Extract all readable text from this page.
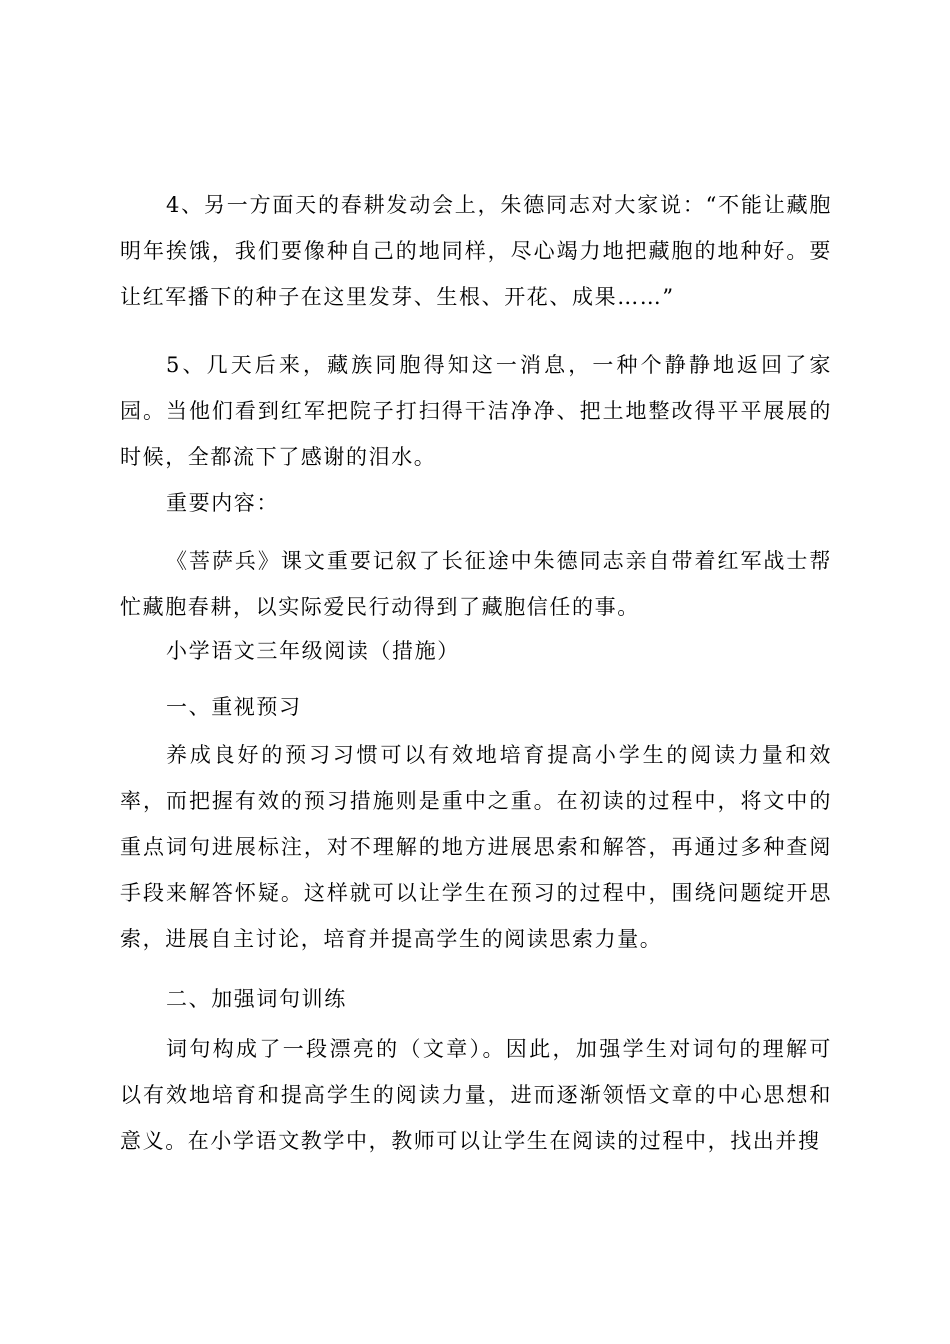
4、另一方面天的春耕发动会上，朱德同志对大家说：“不能让藏胞明年挨饿，我们要像种自己的地同样，尽心竭力地把藏胞的地种好。要让红军播下的种子在这里发芽、生根、开花、成果……”

5、几天后来，藏族同胞得知这一消息，一种个静静地返回了家园。当他们看到红军把院子打扫得干洁净净、把土地整改得平平展展的时候，全都流下了感谢的泪水。

重要内容：

《菩萨兵》课文重要记叙了长征途中朱德同志亲自带着红军战士帮忙藏胞春耕，以实际爱民行动得到了藏胞信任的事。

小学语文三年级阅读（措施）

一、重视预习

养成良好的预习习惯可以有效地培育提高小学生的阅读力量和效率，而把握有效的预习措施则是重中之重。在初读的过程中，将文中的重点词句进展标注，对不理解的地方进展思索和解答，再通过多种查阅手段来解答怀疑。这样就可以让学生在预习的过程中，围绕问题绽开思索，进展自主讨论，培育并提高学生的阅读思索力量。

二、加强词句训练

词句构成了一段漂亮的（文章）。因此，加强学生对词句的理解可以有效地培育和提高学生的阅读力量，进而逐渐领悟文章的中心思想和意义。在小学语文教学中，教师可以让学生在阅读的过程中，找出并搜
